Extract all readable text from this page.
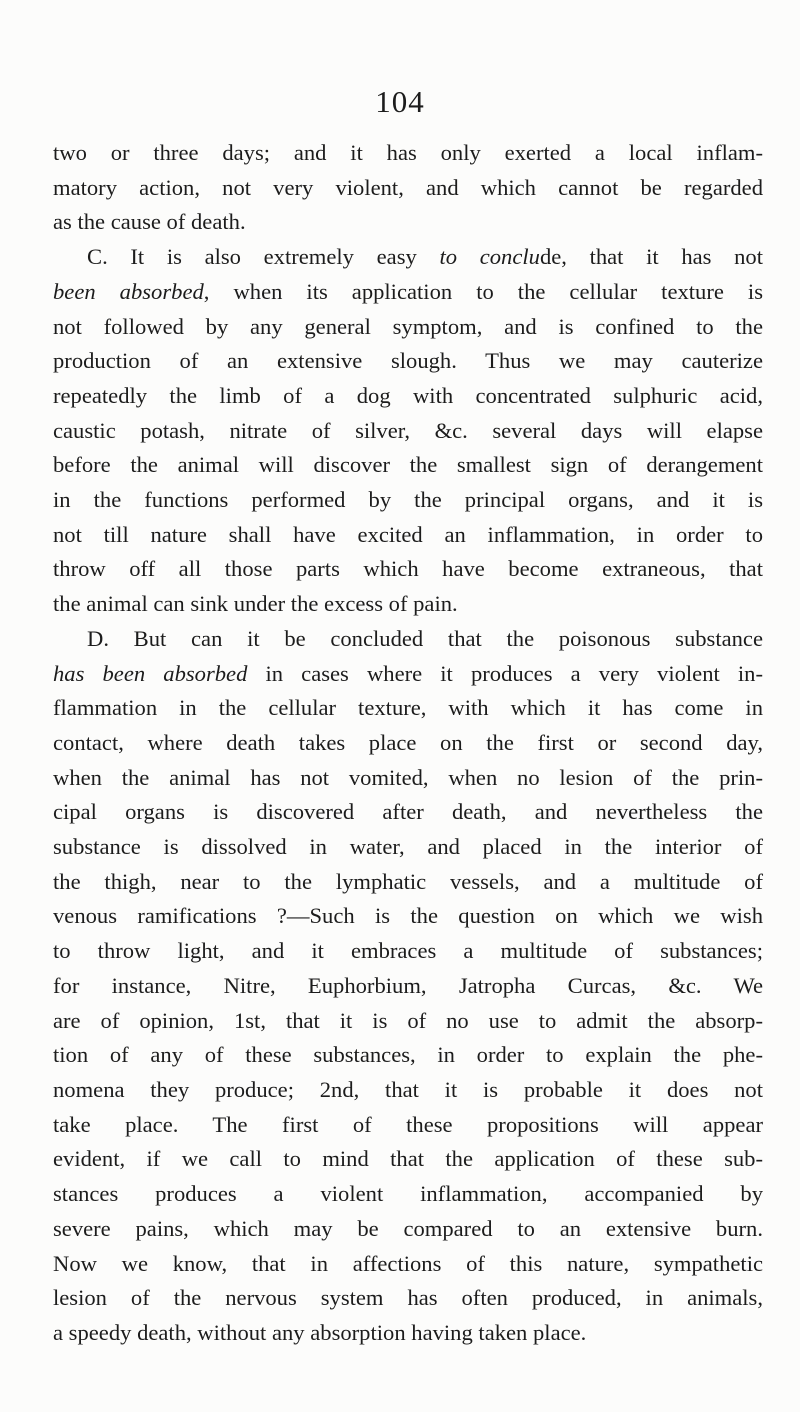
104
two or three days; and it has only exerted a local inflam-
matory action, not very violent, and which cannot be regarded
as the cause of death.
C. It is also extremely easy to conclude, that it has not
been absorbed, when its application to the cellular texture is
not followed by any general symptom, and is confined to the
production of an extensive slough. Thus we may cauterize
repeatedly the limb of a dog with concentrated sulphuric acid,
caustic potash, nitrate of silver, &c. several days will elapse
before the animal will discover the smallest sign of derangement
in the functions performed by the principal organs, and it is
not till nature shall have excited an inflammation, in order to
throw off all those parts which have become extraneous, that
the animal can sink under the excess of pain.
D. But can it be concluded that the poisonous substance
has been absorbed in cases where it produces a very violent in-
flammation in the cellular texture, with which it has come in
contact, where death takes place on the first or second day,
when the animal has not vomited, when no lesion of the prin-
cipal organs is discovered after death, and nevertheless the
substance is dissolved in water, and placed in the interior of
the thigh, near to the lymphatic vessels, and a multitude of
venous ramifications ?—Such is the question on which we wish
to throw light, and it embraces a multitude of substances;
for instance, Nitre, Euphorbium, Jatropha Curcas, &c. We
are of opinion, 1st, that it is of no use to admit the absorp-
tion of any of these substances, in order to explain the phe-
nomena they produce; 2nd, that it is probable it does not
take place. The first of these propositions will appear
evident, if we call to mind that the application of these sub-
stances produces a violent inflammation, accompanied by
severe pains, which may be compared to an extensive burn.
Now we know, that in affections of this nature, sympathetic
lesion of the nervous system has often produced, in animals,
a speedy death, without any absorption having taken place.
